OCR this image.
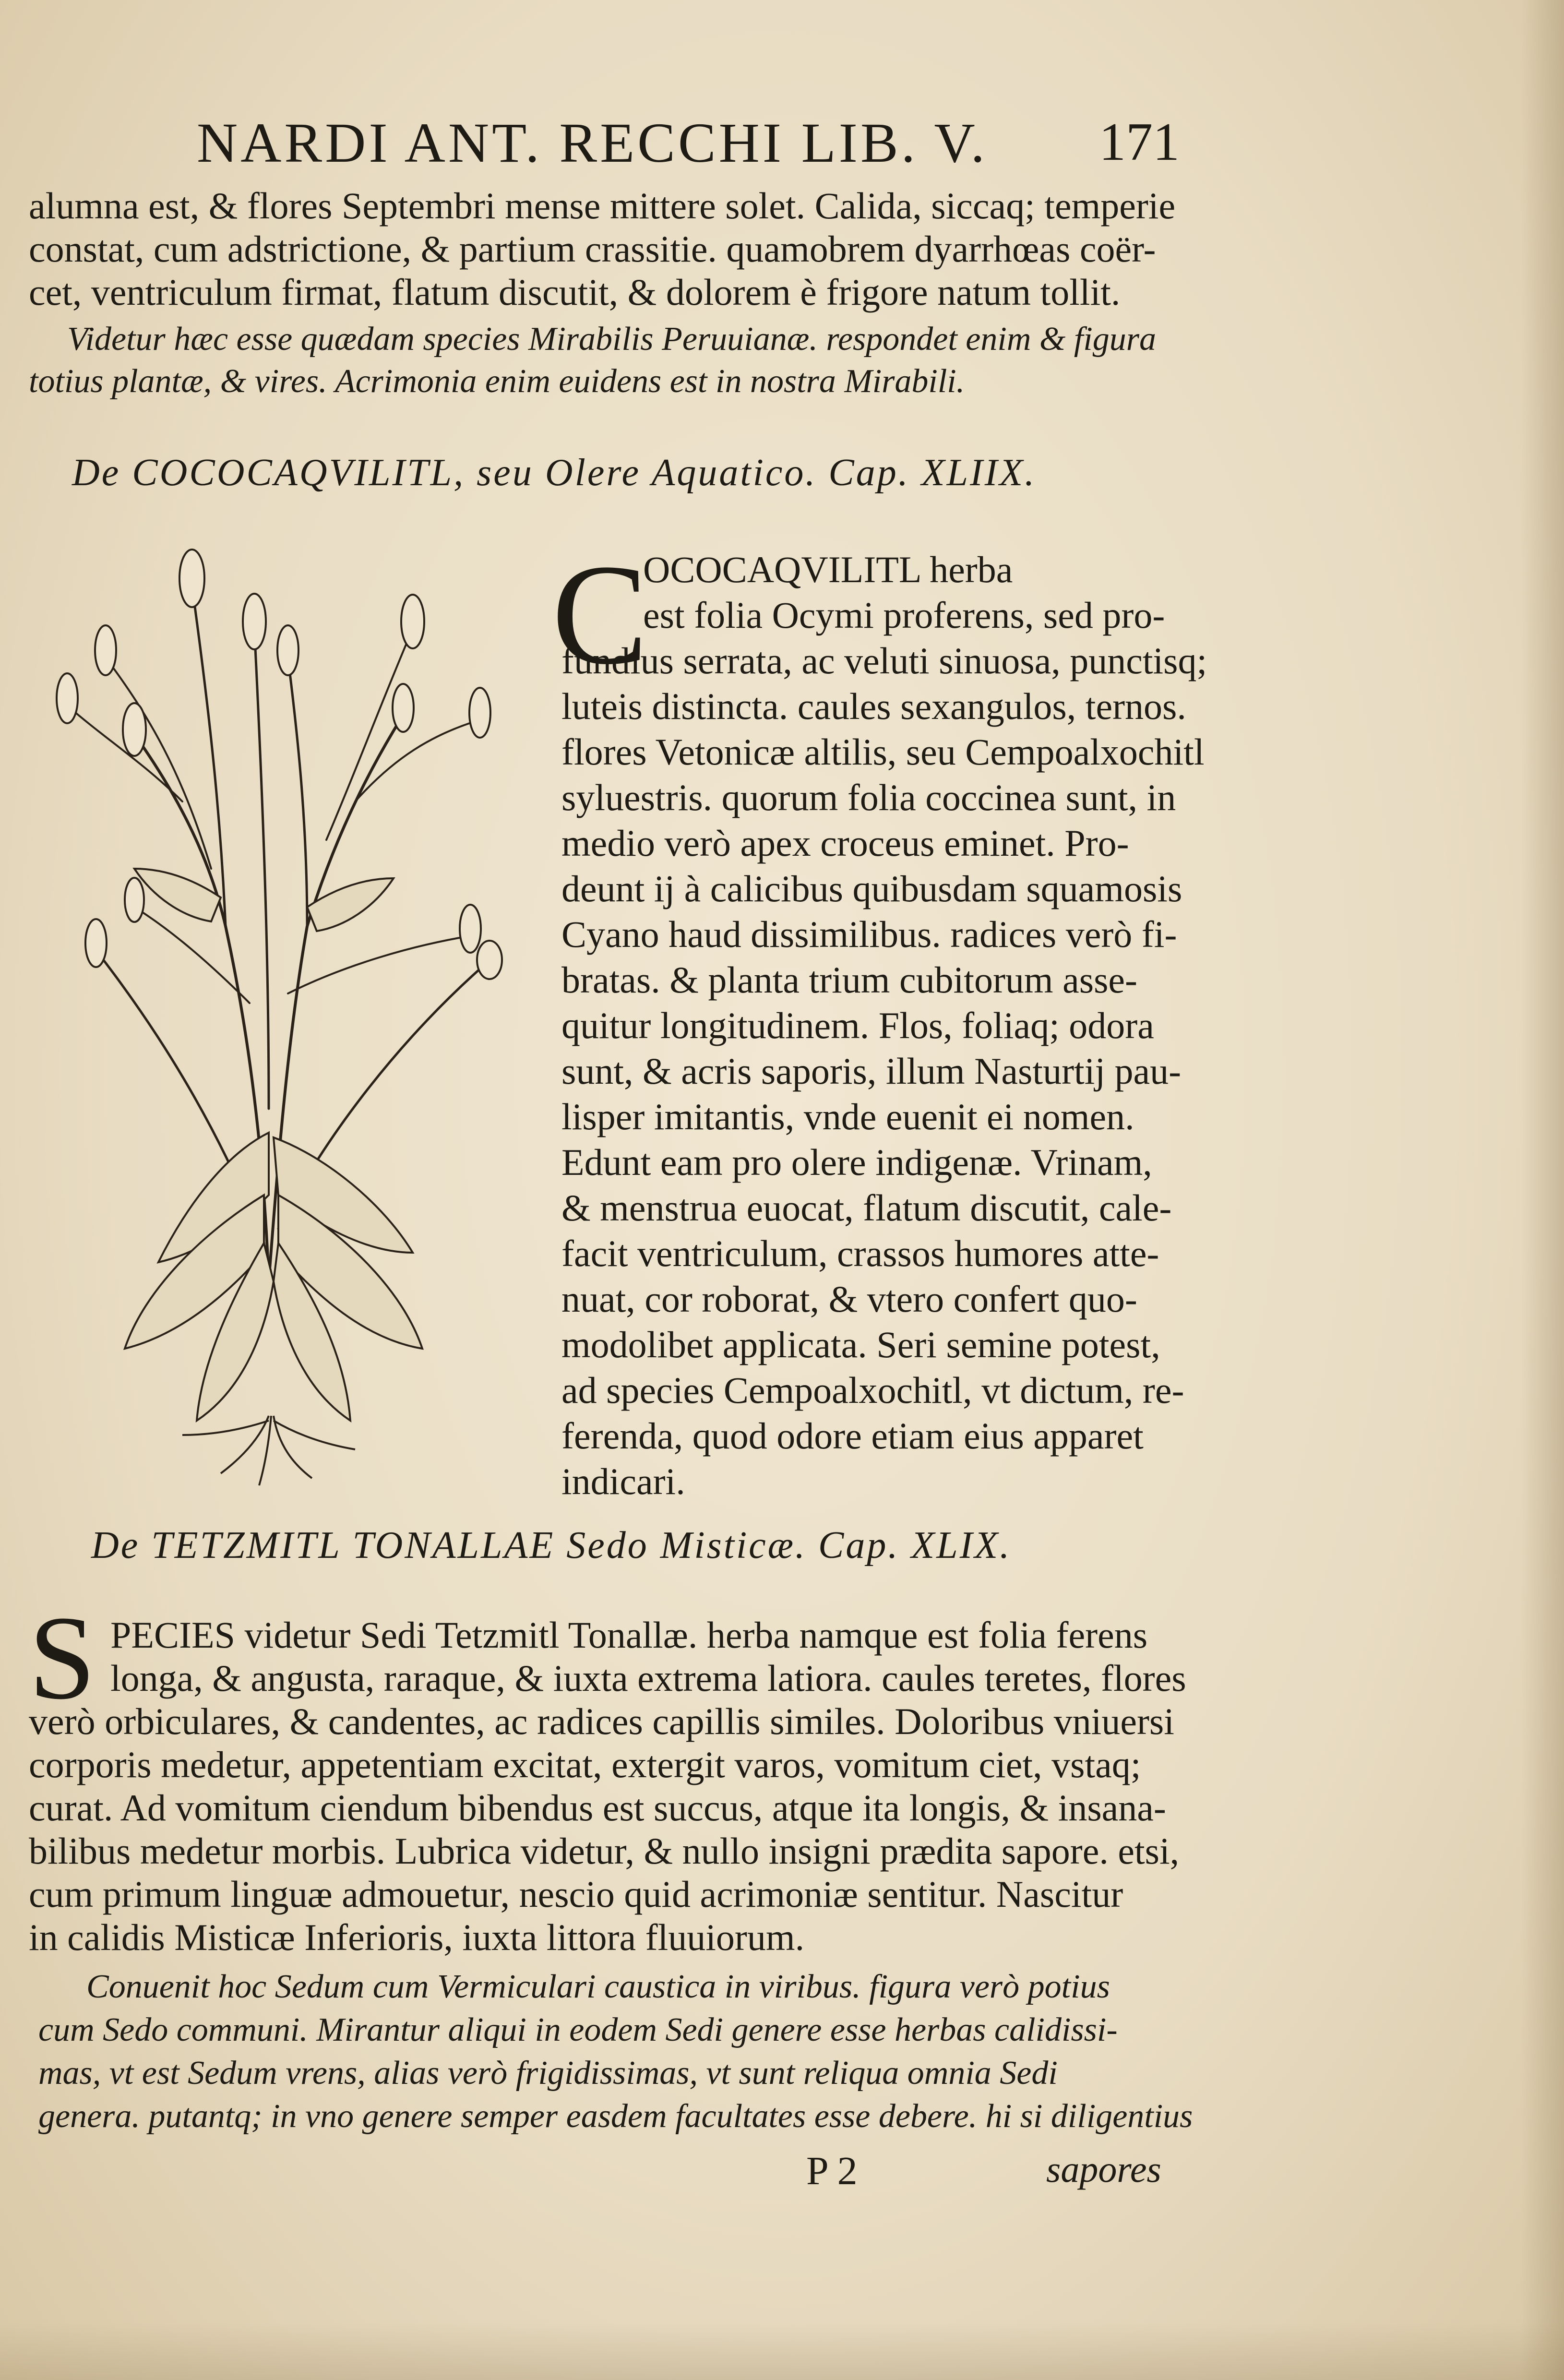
NARDI ANT. RECCHI LIB. V. 171
alumna est, & flores Septembri mense mittere solet. Calida, siccaq; temperie
constat, cum adstrictione, & partium crassitie. quamobrem dyarrhœas coër-
cet, ventriculum firmat, flatum discutit, & dolorem è frigore natum tollit.
Videtur hæc esse quædam species Mirabilis Peruuianæ. respondet enim & figura
totius plantæ, & vires. Acrimonia enim euidens est in nostra Mirabili.
De COCOCAQVILITL, seu Olere Aquatico. Cap. XLIIX.
C
OCOCAQVILITL herba
est folia Ocymi proferens, sed pro-
fundius serrata, ac veluti sinuosa, punctisq;
luteis distincta. caules sexangulos, ternos.
flores Vetonicæ altilis, seu Cempoalxochitl
syluestris. quorum folia coccinea sunt, in
medio verò apex croceus eminet. Pro-
deunt ij à calicibus quibusdam squamosis
Cyano haud dissimilibus. radices verò fi-
bratas. & planta trium cubitorum asse-
quitur longitudinem. Flos, foliaq; odora
sunt, & acris saporis, illum Nasturtij pau-
lisper imitantis, vnde euenit ei nomen.
Edunt eam pro olere indigenæ. Vrinam,
& menstrua euocat, flatum discutit, cale-
facit ventriculum, crassos humores atte-
nuat, cor roborat, & vtero confert quo-
modolibet applicata. Seri semine potest,
ad species Cempoalxochitl, vt dictum, re-
ferenda, quod odore etiam eius apparet
indicari.
De TETZMITL TONALLAE Sedo Misticæ. Cap. XLIX.
S PECIES videtur Sedi Tetzmitl Tonallæ. herba namque est folia ferens
longa, & angusta, raraque, & iuxta extrema latiora. caules teretes, flores
verò orbiculares, & candentes, ac radices capillis similes. Doloribus vniuersi
corporis medetur, appetentiam excitat, extergit varos, vomitum ciet, vstaq;
curat. Ad vomitum ciendum bibendus est succus, atque ita longis, & insana-
bilibus medetur morbis. Lubrica videtur, & nullo insigni prædita sapore. etsi,
cum primum linguæ admouetur, nescio quid acrimoniæ sentitur. Nascitur
in calidis Misticæ Inferioris, iuxta littora fluuiorum.
Conuenit hoc Sedum cum Vermiculari caustica in viribus. figura verò potius
cum Sedo communi. Mirantur aliqui in eodem Sedi genere esse herbas calidissi-
mas, vt est Sedum vrens, alias verò frigidissimas, vt sunt reliqua omnia Sedi
genera. putantq; in vno genere semper easdem facultates esse debere. hi si diligentius
P 2	sapores
